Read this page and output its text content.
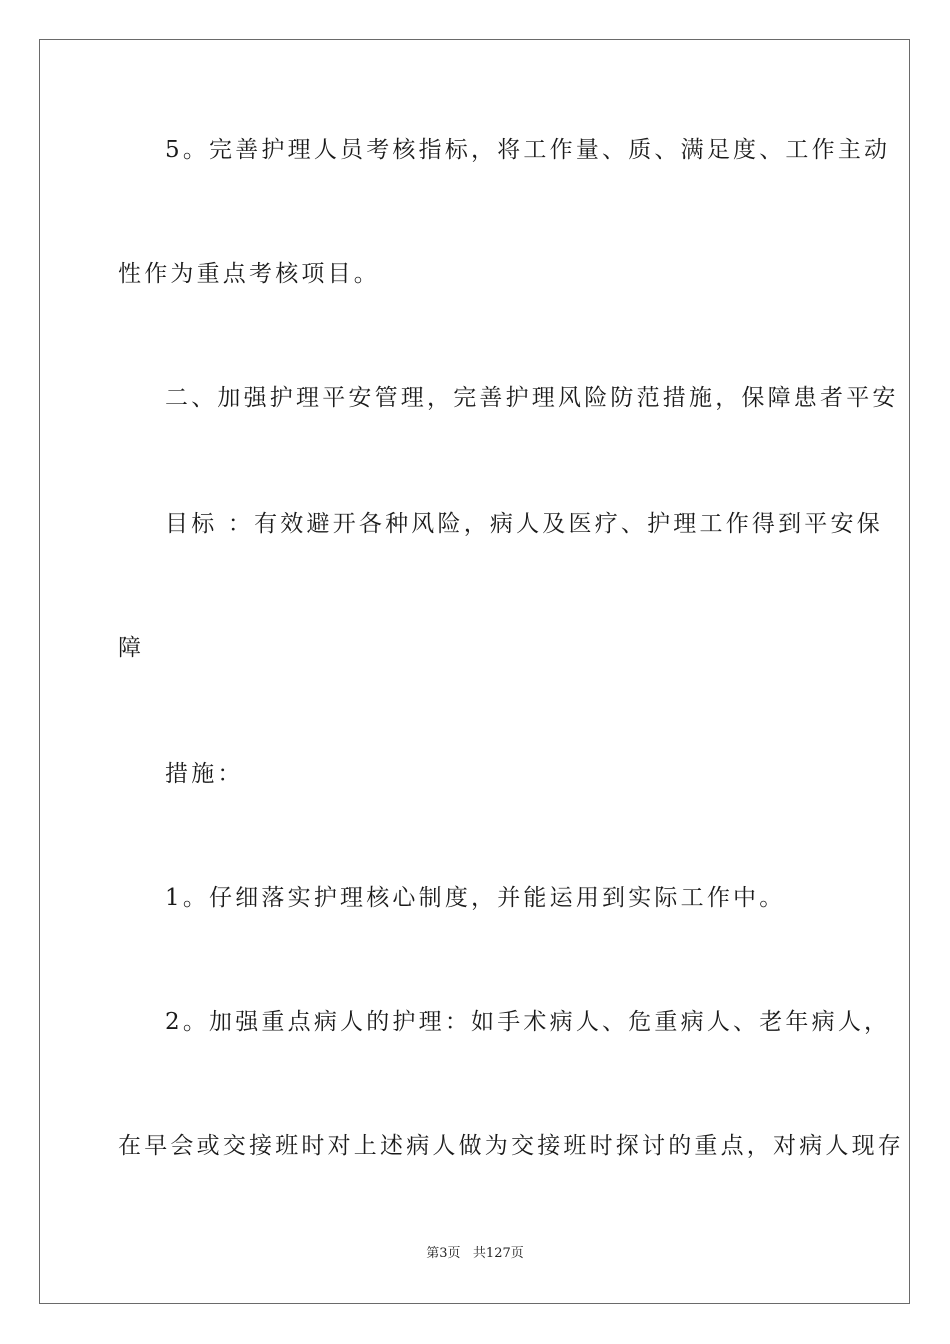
5。完善护理人员考核指标，将工作量、质、满足度、工作主动

性作为重点考核项目。

二、加强护理平安管理，完善护理风险防范措施，保障患者平安

目标 ：有效避开各种风险，病人及医疗、护理工作得到平安保

障

措施：

1。仔细落实护理核心制度，并能运用到实际工作中。

2。加强重点病人的护理：如手术病人、危重病人、老年病人，

在早会或交接班时对上述病人做为交接班时探讨的重点，对病人现存

第3页   共127页
